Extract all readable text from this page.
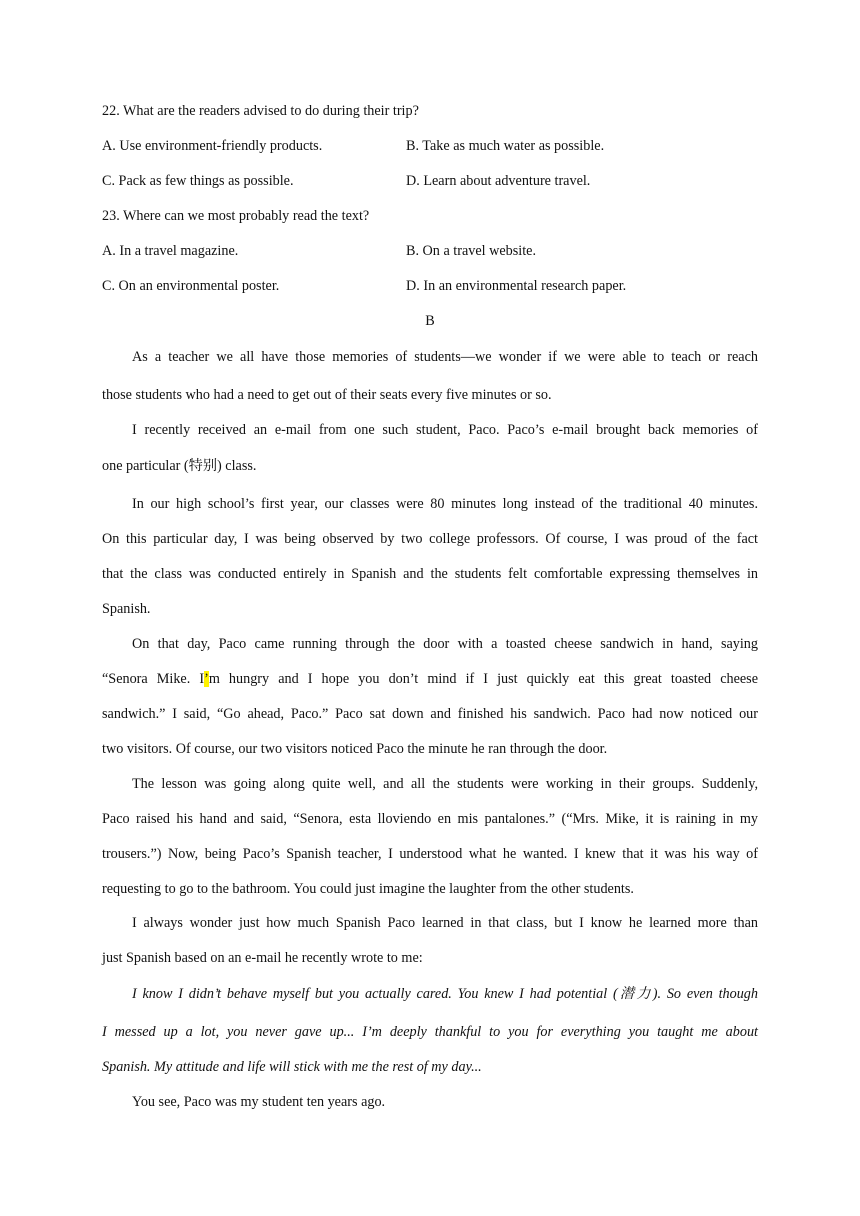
22. What are the readers advised to do during their trip?
A. Use environment-friendly products.	B. Take as much water as possible.
C. Pack as few things as possible.	D. Learn about adventure travel.
23. Where can we most probably read the text?
A. In a travel magazine.	B. On a travel website.
C. On an environmental poster.	D. In an environmental research paper.
B
As a teacher we all have those memories of students—we wonder if we were able to teach or reach
those students who had a need to get out of their seats every five minutes or so.
I recently received an e-mail from one such student, Paco. Paco’s e-mail brought back memories of
one particular (特别) class.
In our high school’s first year, our classes were 80 minutes long instead of the traditional 40 minutes.
On this particular day, I was being observed by two college professors. Of course, I was proud of the fact
that the class was conducted entirely in Spanish and the students felt comfortable expressing themselves in
Spanish.
On that day, Paco came running through the door with a toasted cheese sandwich in hand, saying
“Senora Mike. I’m hungry and I hope you don’t mind if I just quickly eat this great toasted cheese
sandwich.” I said, “Go ahead, Paco.” Paco sat down and finished his sandwich. Paco had now noticed our
two visitors. Of course, our two visitors noticed Paco the minute he ran through the door.
The lesson was going along quite well, and all the students were working in their groups. Suddenly,
Paco raised his hand and said, “Senora, esta lloviendo en mis pantalones.” (“Mrs. Mike, it is raining in my
trousers.”) Now, being Paco’s Spanish teacher, I understood what he wanted. I knew that it was his way of
requesting to go to the bathroom. You could just imagine the laughter from the other students.
I always wonder just how much Spanish Paco learned in that class, but I know he learned more than
just Spanish based on an e-mail he recently wrote to me:
I know I didn’t behave myself but you actually cared. You knew I had potential (潜力). So even though
I messed up a lot, you never gave up... I’m deeply thankful to you for everything you taught me about
Spanish. My attitude and life will stick with me the rest of my day...
You see, Paco was my student ten years ago.
